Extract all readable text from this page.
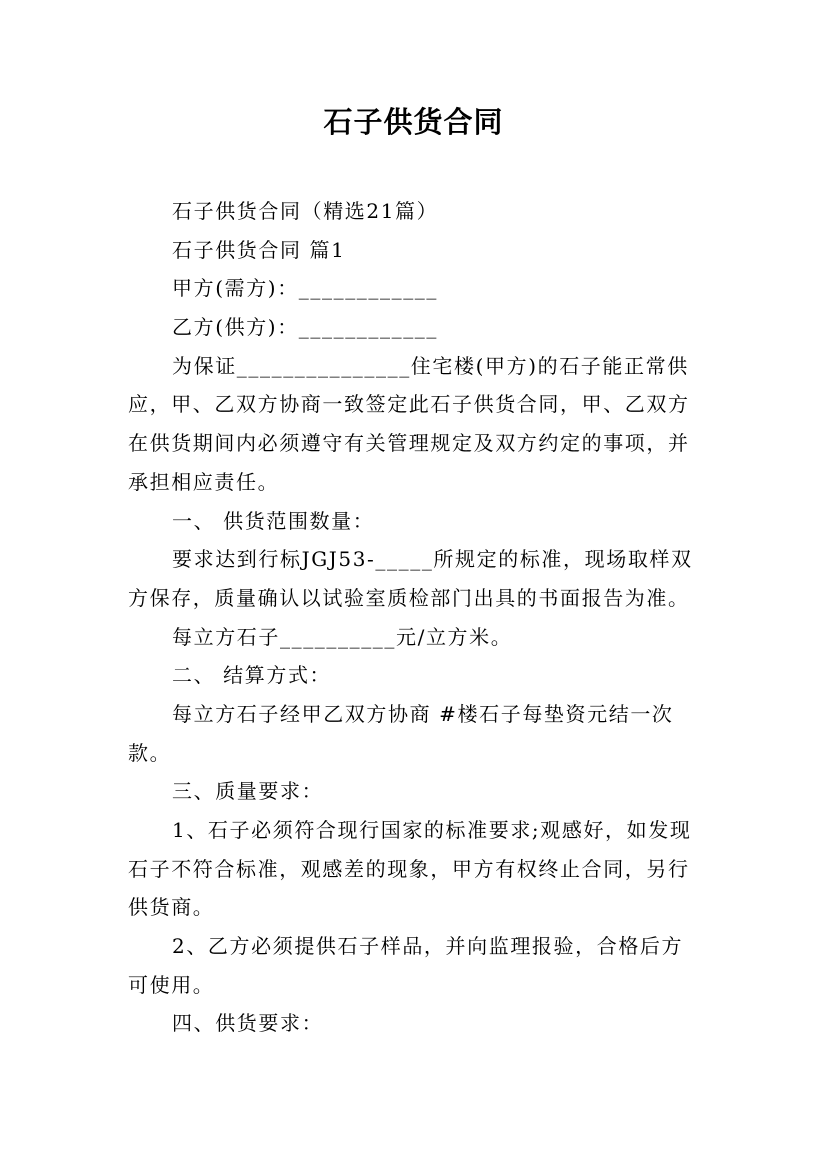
石子供货合同
石子供货合同（精选21篇）
石子供货合同 篇1
甲方(需方)：____________
乙方(供方)：____________
为保证_______________住宅楼(甲方)的石子能正常供
应，甲、乙双方协商一致签定此石子供货合同，甲、乙双方
在供货期间内必须遵守有关管理规定及双方约定的事项，并
承担相应责任。
一、 供货范围数量：
要求达到行标JGJ53-_____所规定的标准，现场取样双
方保存，质量确认以试验室质检部门出具的书面报告为准。
每立方石子__________元/立方米。
二、 结算方式：
每立方石子经甲乙双方协商 #楼石子每垫资元结一次
款。
三、质量要求：
1、石子必须符合现行国家的标准要求;观感好，如发现
石子不符合标准，观感差的现象，甲方有权终止合同，另行
供货商。
2、乙方必须提供石子样品，并向监理报验，合格后方
可使用。
四、供货要求：
